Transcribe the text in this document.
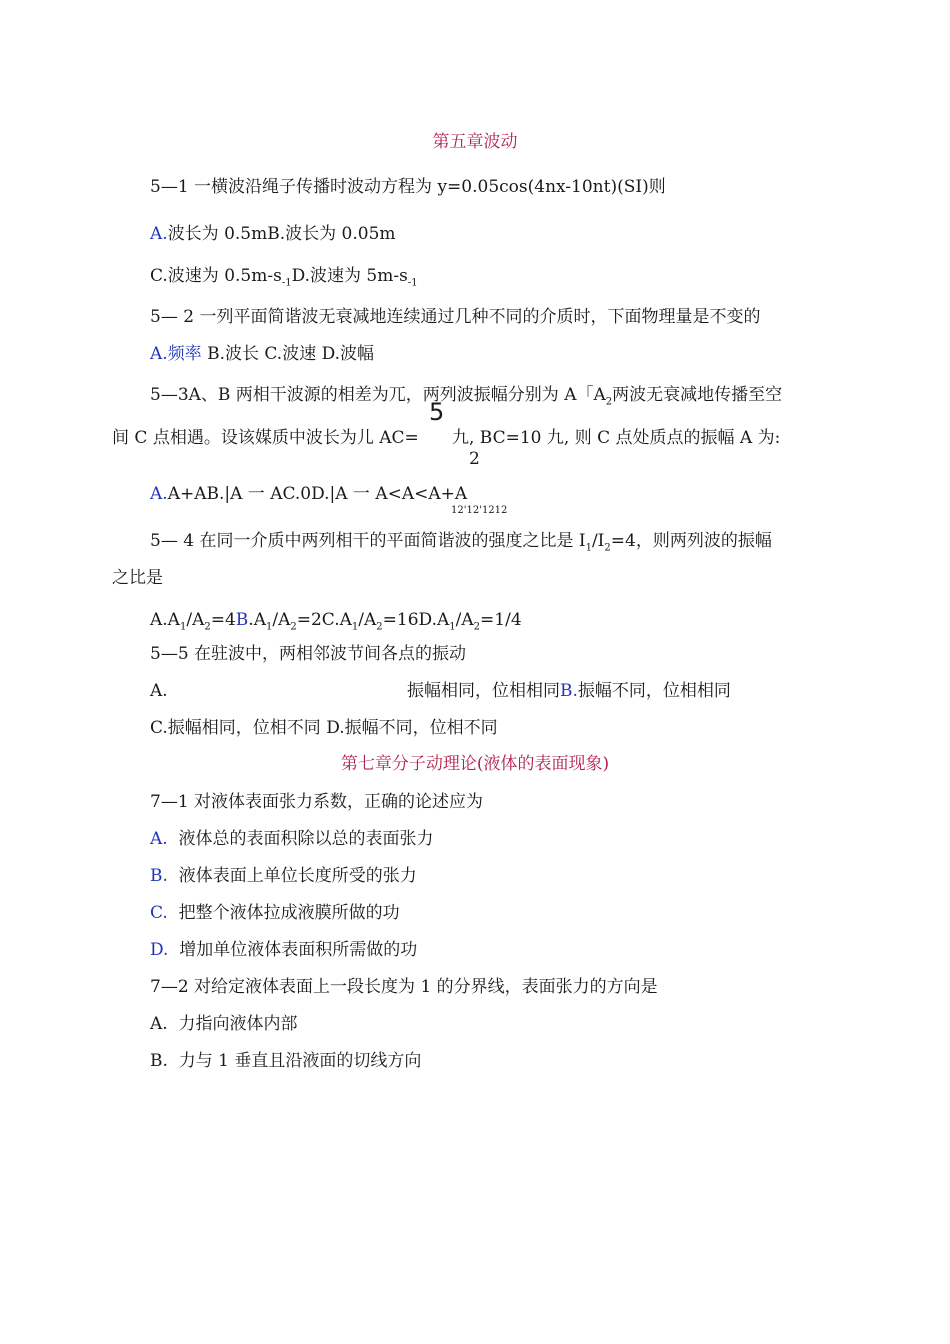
第五章波动
5—1 一横波沿绳子传播时波动方程为 y=0.05cos(4nx-10nt)(SI)则
A.波长为 0.5mB.波长为 0.05m
C.波速为 $0.5m-s_{-1}D$.波速为 $5m-s_{-1}$
5— 2 一列平面简谐波无衰减地连续通过几种不同的介质时，下面物理量是不变的
A.频率 B.波长 C.波速 D.波幅
5—3A、B 两相干波源的相差为兀，两列波振幅分别为 A「$A_2$两波无衰减地传播至空
5
间 C 点相遇。设该媒质中波长为儿 AC= 九, BC=10 九, 则 C 点处质点的振幅 A 为:
2
A.A+AB.|A 一 AC.0D.|A 一 A<A<A+A
12'12'1212
5— 4 在同一介质中两列相干的平面简谐波的强度之比是 $I_1/I_2=4$，则两列波的振幅
之比是
$A.A_1/A_2=4B.A_1/A_2=2C.A_1/A_2=16D.A_1/A_2=1/4$
5—5 在驻波中，两相邻波节间各点的振动
A.	振幅相同，位相相同B.振幅不同，位相相同
C.振幅相同，位相不同 D.振幅不同，位相不同
第七章分子动理论(液体的表面现象)
7—1 对液体表面张力系数，正确的论述应为
A. 液体总的表面积除以总的表面张力
B. 液体表面上单位长度所受的张力
C. 把整个液体拉成液膜所做的功
D. 增加单位液体表面积所需做的功
7—2 对给定液体表面上一段长度为 1 的分界线，表面张力的方向是
A. 力指向液体内部
B. 力与 1 垂直且沿液面的切线方向
